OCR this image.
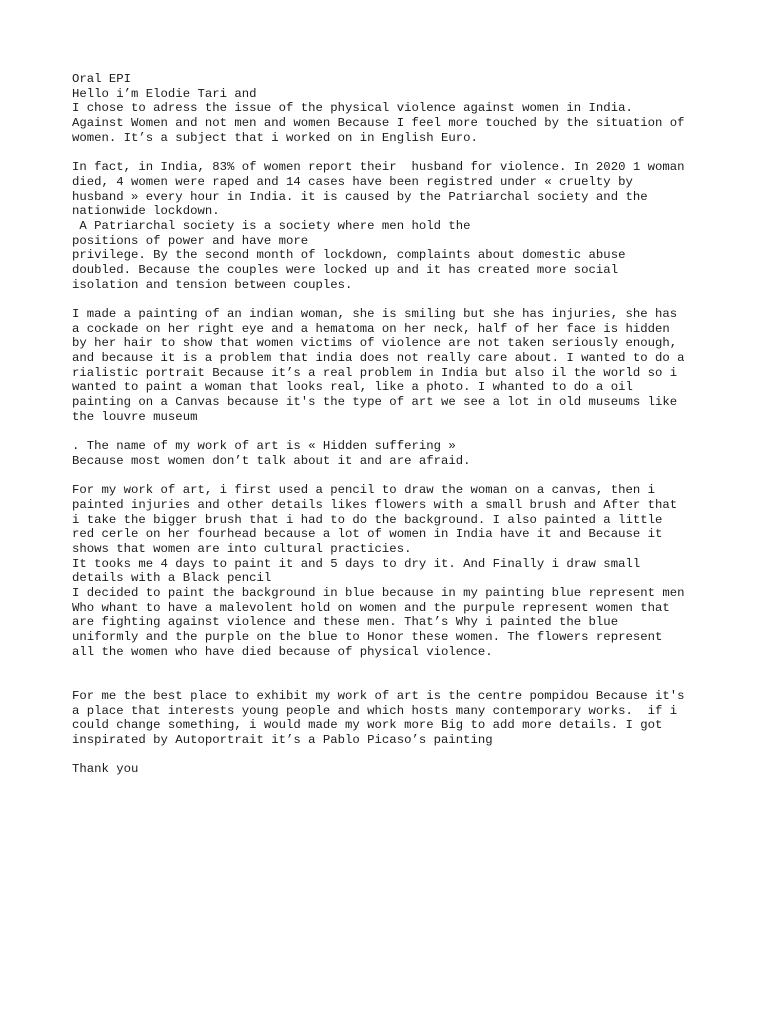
Oral EPI
Hello i’m Elodie Tari and
I chose to adress the issue of the physical violence against women in India.
Against Women and not men and women Because I feel more touched by the situation of
women. It’s a subject that i worked on in English Euro.
In fact, in India, 83% of women report their  husband for violence. In 2020 1 woman
died, 4 women were raped and 14 cases have been registred under « cruelty by
husband » every hour in India. it is caused by the Patriarchal society and the
nationwide lockdown.
A Patriarchal society is a society where men hold the
positions of power and have more
privilege. By the second month of lockdown, complaints about domestic abuse
doubled. Because the couples were locked up and it has created more social
isolation and tension between couples.
I made a painting of an indian woman, she is smiling but she has injuries, she has
a cockade on her right eye and a hematoma on her neck, half of her face is hidden
by her hair to show that women victims of violence are not taken seriously enough,
and because it is a problem that india does not really care about. I wanted to do a
rialistic portrait Because it’s a real problem in India but also il the world so i
wanted to paint a woman that looks real, like a photo. I whanted to do a oil
painting on a Canvas because it's the type of art we see a lot in old museums like
the louvre museum
. The name of my work of art is « Hidden suffering »
Because most women don’t talk about it and are afraid.
For my work of art, i first used a pencil to draw the woman on a canvas, then i
painted injuries and other details likes flowers with a small brush and After that
i take the bigger brush that i had to do the background. I also painted a little
red cerle on her fourhead because a lot of women in India have it and Because it
shows that women are into cultural practicies.
It tooks me 4 days to paint it and 5 days to dry it. And Finally i draw small
details with a Black pencil
I decided to paint the background in blue because in my painting blue represent men
Who whant to have a malevolent hold on women and the purpule represent women that
are fighting against violence and these men. That’s Why i painted the blue
uniformly and the purple on the blue to Honor these women. The flowers represent
all the women who have died because of physical violence.
For me the best place to exhibit my work of art is the centre pompidou Because it's
a place that interests young people and which hosts many contemporary works.  if i
could change something, i would made my work more Big to add more details. I got
inspirated by Autoportrait it’s a Pablo Picaso’s painting
Thank you
